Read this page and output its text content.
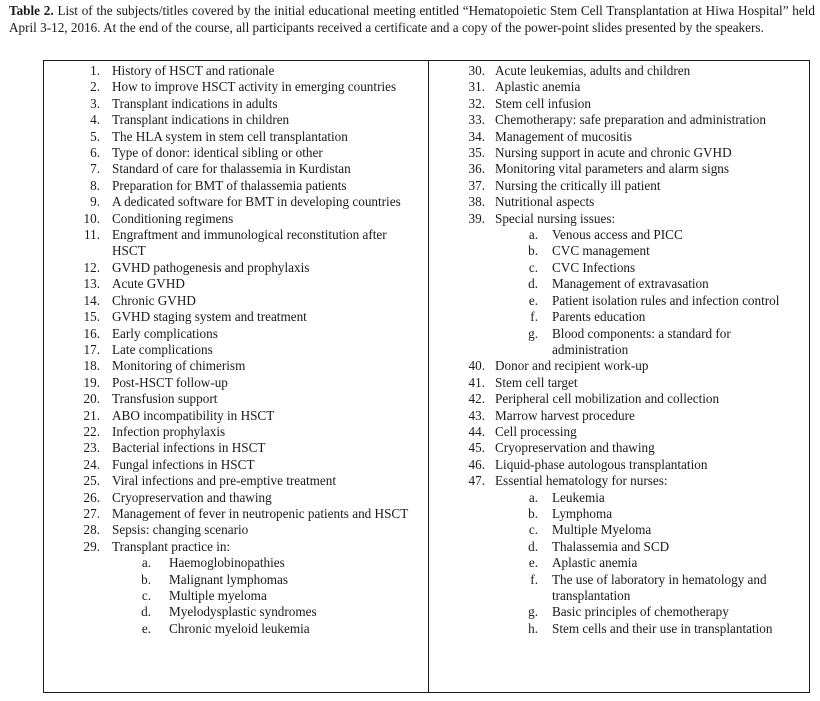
Table 2. List of the subjects/titles covered by the initial educational meeting entitled “Hematopoietic Stem Cell Transplantation at Hiwa Hospital” held April 3-12, 2016. At the end of the course, all participants received a certificate and a copy of the power-point slides presented by the speakers.
1. History of HSCT and rationale
2. How to improve HSCT activity in emerging countries
3. Transplant indications in adults
4. Transplant indications in children
5. The HLA system in stem cell transplantation
6. Type of donor: identical sibling or other
7. Standard of care for thalassemia in Kurdistan
8. Preparation for BMT of thalassemia patients
9. A dedicated software for BMT in developing countries
10. Conditioning regimens
11. Engraftment and immunological reconstitution after HSCT
12. GVHD pathogenesis and prophylaxis
13. Acute GVHD
14. Chronic GVHD
15. GVHD staging system and treatment
16. Early complications
17. Late complications
18. Monitoring of chimerism
19. Post-HSCT follow-up
20. Transfusion support
21. ABO incompatibility in HSCT
22. Infection prophylaxis
23. Bacterial infections in HSCT
24. Fungal infections in HSCT
25. Viral infections and pre-emptive treatment
26. Cryopreservation and thawing
27. Management of fever in neutropenic patients and HSCT
28. Sepsis: changing scenario
29. Transplant practice in:
a.	Haemoglobinopathies
b.	Malignant lymphomas
c.	Multiple myeloma
d.	Myelodysplastic syndromes
e.	Chronic myeloid leukemia
30. Acute leukemias, adults and children
31. Aplastic anemia
32. Stem cell infusion
33. Chemotherapy: safe preparation and administration
34. Management of mucositis
35. Nursing support in acute and chronic GVHD
36. Monitoring vital parameters and alarm signs
37. Nursing the critically ill patient
38. Nutritional aspects
39. Special nursing issues:
a.	Venous access and PICC
b.	CVC management
c.	CVC Infections
d.	Management of extravasation
e.	Patient isolation rules and infection control
f.	Parents education
g.	Blood components: a standard for administration
40. Donor and recipient work-up
41. Stem cell target
42. Peripheral cell mobilization and collection
43. Marrow harvest procedure
44. Cell processing
45. Cryopreservation and thawing
46. Liquid-phase autologous transplantation
47. Essential hematology for nurses:
a.	Leukemia
b.	Lymphoma
c.	Multiple Myeloma
d.	Thalassemia and SCD
e.	Aplastic anemia
f.	The use of laboratory in hematology and transplantation
g.	Basic principles of chemotherapy
h.	Stem cells and their use in transplantation
